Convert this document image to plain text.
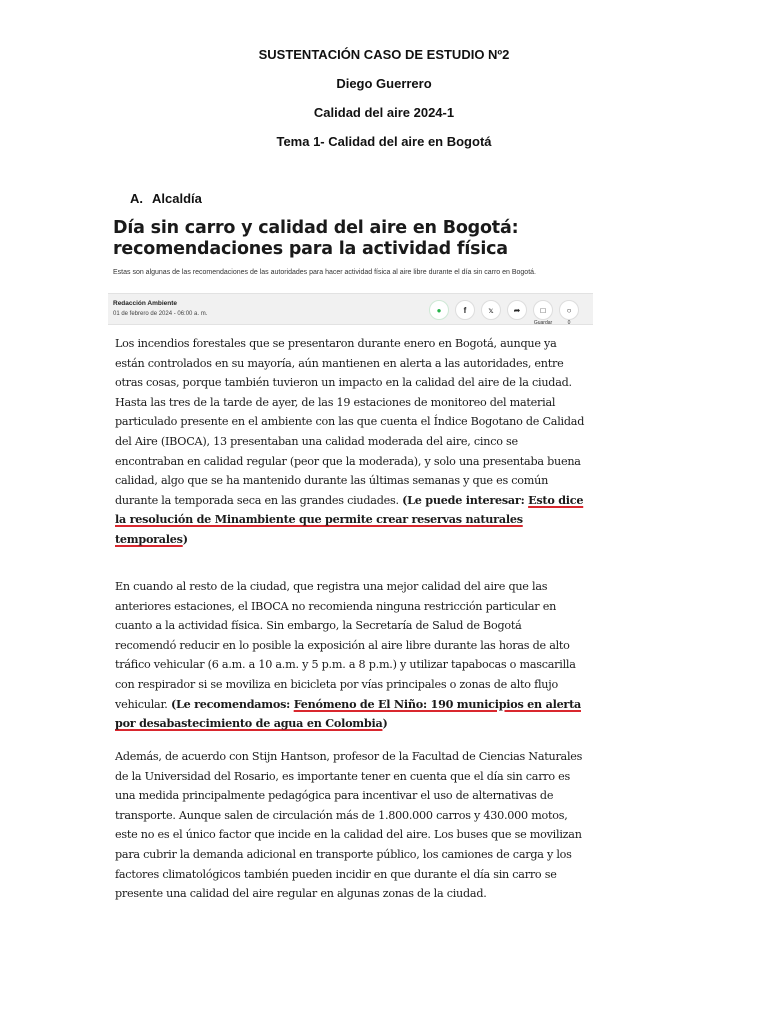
SUSTENTACIÓN CASO DE ESTUDIO Nº2
Diego Guerrero
Calidad del aire 2024-1
Tema 1- Calidad del aire en Bogotá
A. Alcaldía
Día sin carro y calidad del aire en Bogotá: recomendaciones para la actividad física
Estas son algunas de las recomendaciones de las autoridades para hacer actividad física al aire libre durante el día sin carro en Bogotá.
Redacción Ambiente
01 de febrero de 2024 - 06:00 a. m.	●	f	𝕩	➦	□
Guardar
○
0

Los incendios forestales que se presentaron durante enero en Bogotá, aunque ya están controlados en su mayoría, aún mantienen en alerta a las autoridades, entre otras cosas, porque también tuvieron un impacto en la calidad del aire de la ciudad. Hasta las tres de la tarde de ayer, de las 19 estaciones de monitoreo del material particulado presente en el ambiente con las que cuenta el Índice Bogotano de Calidad del Aire (IBOCA), 13 presentaban una calidad moderada del aire, cinco se encontraban en calidad regular (peor que la moderada), y solo una presentaba buena calidad, algo que se ha mantenido durante las últimas semanas y que es común durante la temporada seca en las grandes ciudades. (Le puede interesar: Esto dice la resolución de Minambiente que permite crear reservas naturales temporales)

En cuando al resto de la ciudad, que registra una mejor calidad del aire que las anteriores estaciones, el IBOCA no recomienda ninguna restricción particular en cuanto a la actividad física. Sin embargo, la Secretaría de Salud de Bogotá recomendó reducir en lo posible la exposición al aire libre durante las horas de alto tráfico vehicular (6 a.m. a 10 a.m. y 5 p.m. a 8 p.m.) y utilizar tapabocas o mascarilla con respirador si se moviliza en bicicleta por vías principales o zonas de alto flujo vehicular. (Le recomendamos: Fenómeno de El Niño: 190 municipios en alerta por desabastecimiento de agua en Colombia)

Además, de acuerdo con Stijn Hantson, profesor de la Facultad de Ciencias Naturales de la Universidad del Rosario, es importante tener en cuenta que el día sin carro es una medida principalmente pedagógica para incentivar el uso de alternativas de transporte. Aunque salen de circulación más de 1.800.000 carros y 430.000 motos, este no es el único factor que incide en la calidad del aire. Los buses que se movilizan para cubrir la demanda adicional en transporte público, los camiones de carga y los factores climatológicos también pueden incidir en que durante el día sin carro se presente una calidad del aire regular en algunas zonas de la ciudad.
